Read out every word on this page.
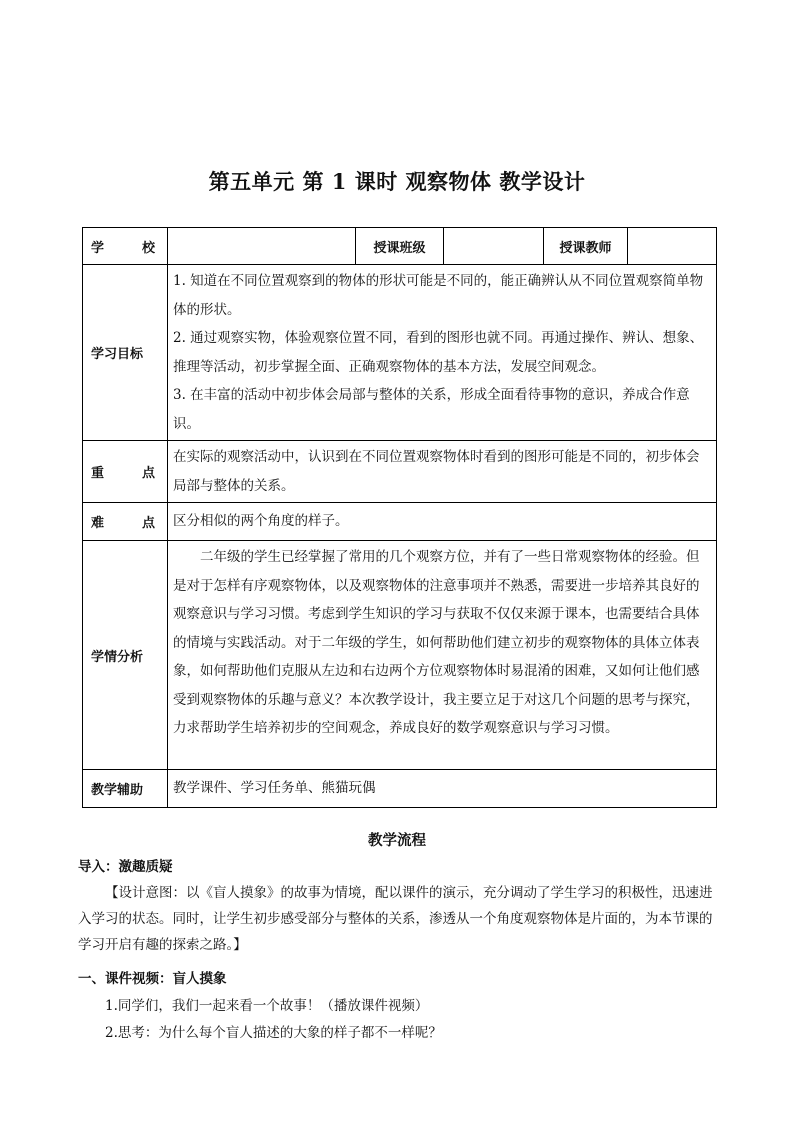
第五单元 第 1 课时 观察物体 教学设计
学 校		授课班级		授课教师	
学习目标	1. 知道在不同位置观察到的物体的形状可能是不同的，能正确辨认从不同位置观察简单物体的形状。
2. 通过观察实物，体验观察位置不同，看到的图形也就不同。再通过操作、辨认、想象、推理等活动，初步掌握全面、正确观察物体的基本方法，发展空间观念。
3. 在丰富的活动中初步体会局部与整体的关系，形成全面看待事物的意识，养成合作意识。				

重 点	在实际的观察活动中，认识到在不同位置观察物体时看到的图形可能是不同的，初步体会局部与整体的关系。				

难 点	区分相似的两个角度的样子。				
学情分析	二年级的学生已经掌握了常用的几个观察方位，并有了一些日常观察物体的经验。但是对于怎样有序观察物体，以及观察物体的注意事项并不熟悉，需要进一步培养其良好的观察意识与学习习惯。考虑到学生知识的学习与获取不仅仅来源于课本，也需要结合具体的情境与实践活动。对于二年级的学生，如何帮助他们建立初步的观察物体的具体立体表象，如何帮助他们克服从左边和右边两个方位观察物体时易混淆的困难，又如何让他们感受到观察物体的乐趣与意义？本次教学设计，我主要立足于对这几个问题的思考与探究，力求帮助学生培养初步的空间观念，养成良好的数学观察意识与学习习惯。				
教学辅助	教学课件、学习任务单、熊猫玩偶				
教学流程
导入：激趣质疑
【设计意图：以《盲人摸象》的故事为情境，配以课件的演示，充分调动了学生学习的积极性，迅速进入学习的状态。同时，让学生初步感受部分与整体的关系，渗透从一个角度观察物体是片面的，为本节课的学习开启有趣的探索之路。】
一、课件视频：盲人摸象
1.同学们，我们一起来看一个故事！（播放课件视频）
2.思考：为什么每个盲人描述的大象的样子都不一样呢？
